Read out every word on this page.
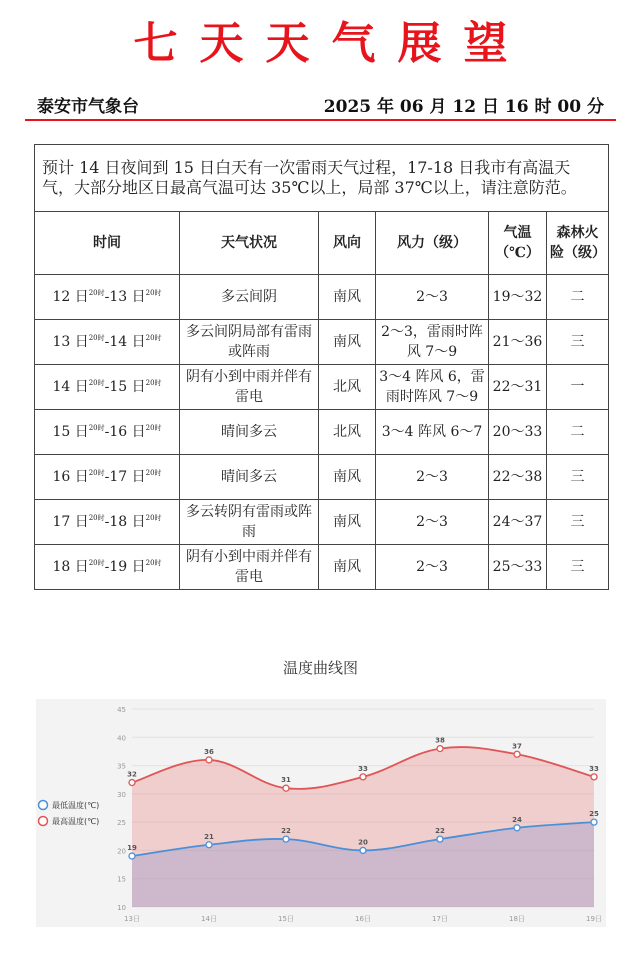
七天天气展望
泰安市气象台	2025 年 06 月 12 日 16 时 00 分
预计 14 日夜间到 15 日白天有一次雷雨天气过程，17-18 日我市有高温天气，大部分地区日最高气温可达 35℃以上，局部 37℃以上，请注意防范。					
时间	天气状况	风向	风力（级）	气温（℃）	森林火险（级）
12 日$^{20时}$-13 日$^{20时}$	多云间阴	南风	2～3	19～32	二
13 日$^{20时}$-14 日$^{20时}$	多云间阴局部有雷雨或阵雨	南风	2～3，雷雨时阵风 7～9	21～36	三
14 日$^{20时}$-15 日$^{20时}$	阴有小到中雨并伴有雷电	北风	3～4 阵风 6，雷雨时阵风 7～9	22～31	一
15 日$^{20时}$-16 日$^{20时}$	晴间多云	北风	3～4 阵风 6～7	20～33	二
16 日$^{20时}$-17 日$^{20时}$	晴间多云	南风	2～3	22～38	三
17 日$^{20时}$-18 日$^{20时}$	多云转阴有雷雨或阵雨	南风	2～3	24～37	三
18 日$^{20时}$-19 日$^{20时}$	阴有小到中雨并伴有雷电	南风	2～3	25～33	三
温度曲线图
10
15
20
25
30
35
40
45
13日	14日	15日	16日	17日	18日	19日
19
21
22
20
22
24
25
32
36
31
33
38
37
33
最低温度(℃)
最高温度(℃)
